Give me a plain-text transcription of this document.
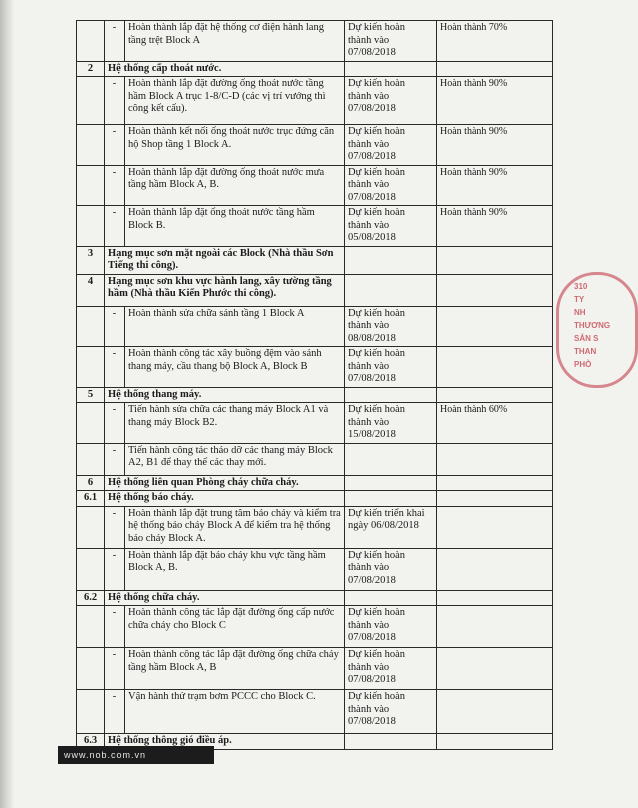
	-	Hoàn thành lắp đặt hệ thống cơ điện hành lang tầng trệt Block A	Dự kiến hoàn
thành vào
07/08/2018	Hoàn thành 70%
2	Hệ thống cấp thoát nước.			
	-	Hoàn thành lắp đặt đường ống thoát nước tầng hầm Block A trục 1-8/C-D (các vị trí vướng thì công kết cấu).	Dự kiến hoàn
thành vào
07/08/2018	Hoàn thành 90%
	-	Hoàn thành kết nối ống thoát nước trục đứng căn hộ Shop tầng 1 Block A.	Dự kiến hoàn
thành vào
07/08/2018	Hoàn thành 90%
	-	Hoàn thành lắp đặt đường ống thoát nước mưa tầng hầm Block A, B.	Dự kiến hoàn
thành vào
07/08/2018	Hoàn thành 90%
	-	Hoàn thành lắp đặt ống thoát nước tầng hầm Block B.	Dự kiến hoàn
thành vào
05/08/2018	Hoàn thành 90%
3	Hạng mục sơn mặt ngoài các Block (Nhà thầu Sơn Tiếng thi công).			
4	Hạng mục sơn khu vực hành lang, xây tường tầng hầm (Nhà thầu Kiến Phước thi công).			
	-	Hoàn thành sửa chữa sảnh tầng 1 Block A	Dự kiến hoàn
thành vào
08/08/2018	

	-	Hoàn thành công tác xây buồng đệm vào sảnh thang máy, cầu thang bộ Block A, Block B	Dự kiến hoàn
thành vào
07/08/2018	

5	Hệ thống thang máy.			
	-	Tiến hành sửa chữa các thang máy Block A1 và thang máy Block B2.	Dự kiến hoàn
thành vào
15/08/2018	Hoàn thành 60%
	-	Tiến hành công tác tháo dỡ các thang máy Block A2, B1 để thay thế các thay mới.		
6	Hệ thống liên quan Phòng cháy chữa cháy.			
6.1	Hệ thống báo cháy.			
	-	Hoàn thành lắp đặt trung tâm báo cháy và kiểm tra hệ thống báo cháy Block A để kiểm tra hệ thống báo cháy Block A.	Dự kiến triển khai
ngày 06/08/2018	

	-	Hoàn thành lắp đặt báo cháy khu vực tầng hầm Block A, B.	Dự kiến hoàn
thành vào
07/08/2018	

6.2	Hệ thống chữa cháy.			
	-	Hoàn thành công tác lắp đặt đường ống cấp nước chữa cháy cho Block C	Dự kiến hoàn
thành vào
07/08/2018	

	-	Hoàn thành công tác lắp đặt đường ống chữa cháy tầng hầm Block A, B	Dự kiến hoàn
thành vào
07/08/2018	

	-	Vận hành thử trạm bơm PCCC cho Block C.	Dự kiến hoàn
thành vào
07/08/2018	

6.3	Hệ thống thông gió điều áp.			
310
TY
NH
THƯƠNG
SẢN S
THAN
PHÒ
www.nob.com.vn
